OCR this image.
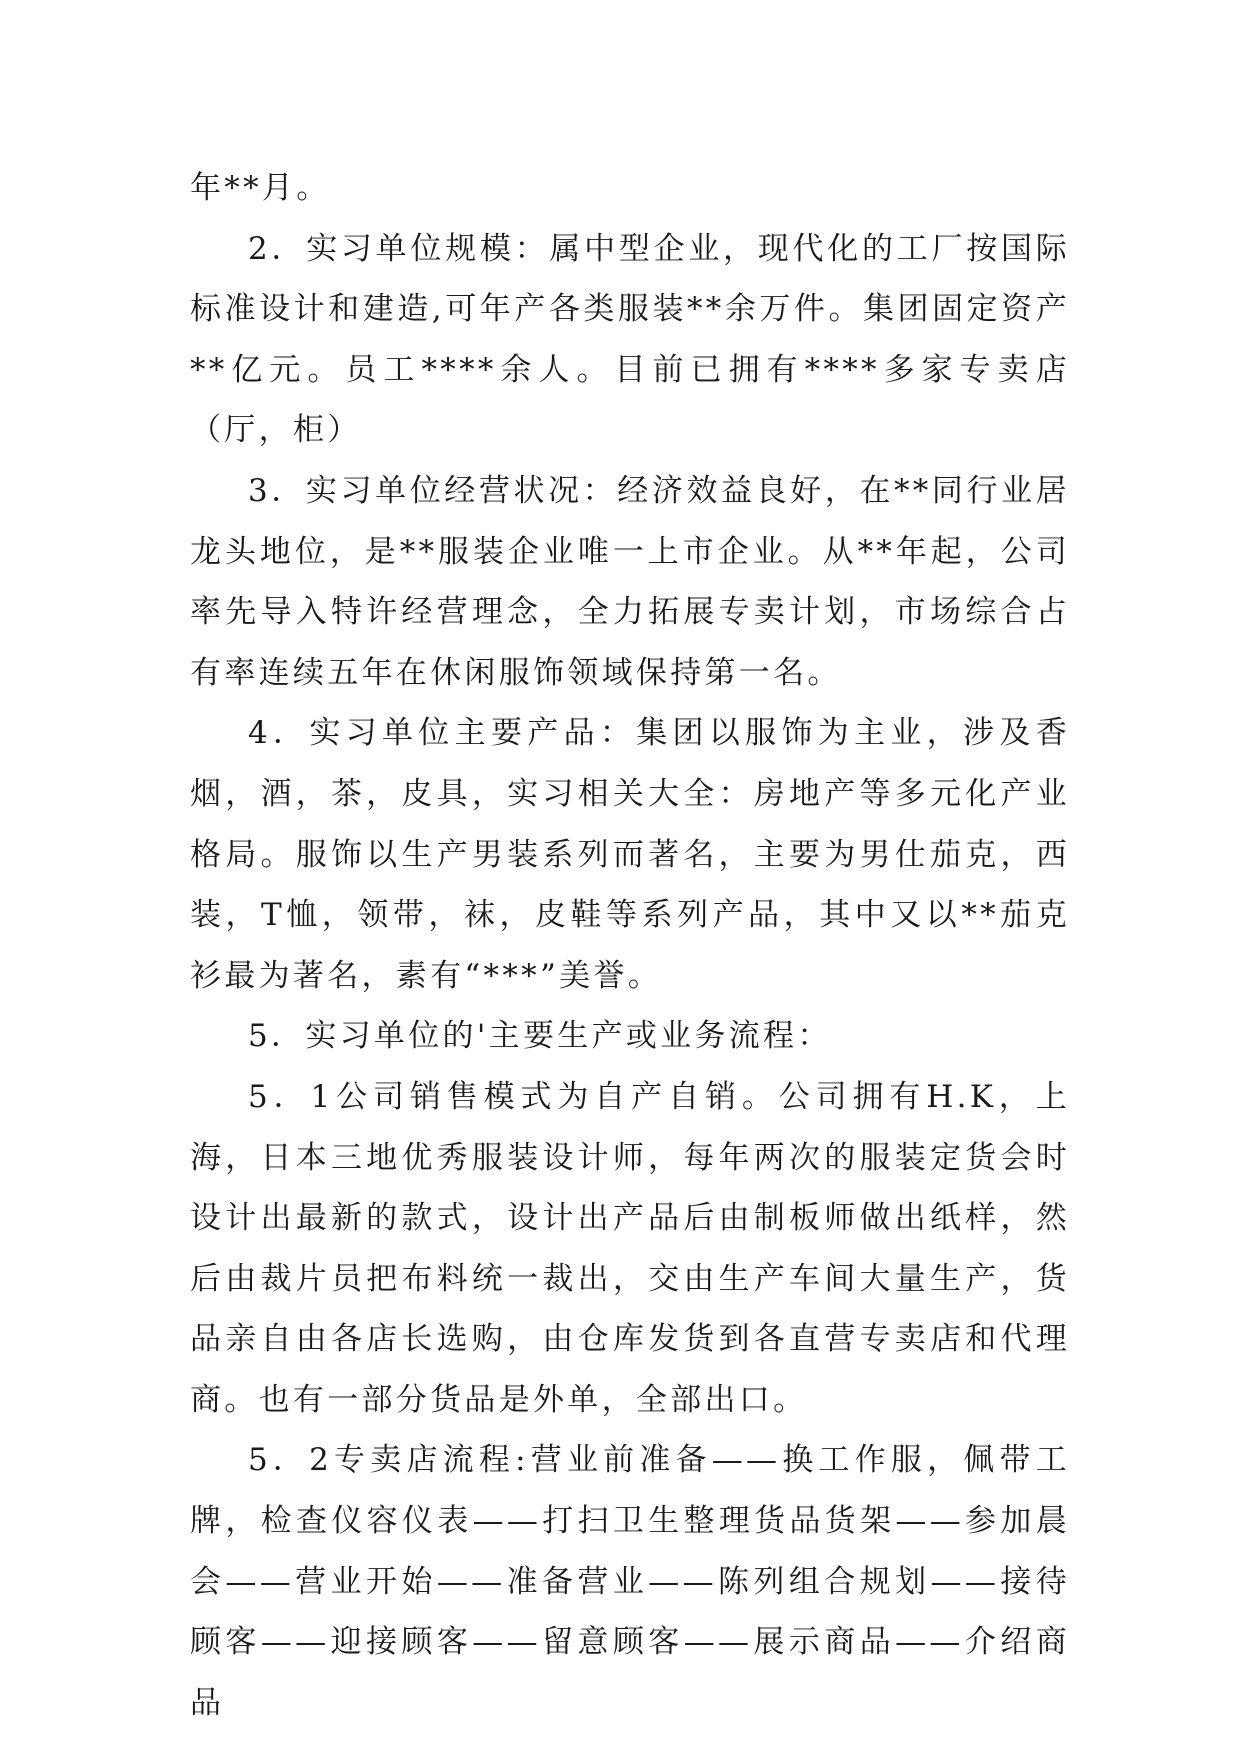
年**月。

2．实习单位规模：属中型企业，现代化的工厂按国际标准设计和建造,可年产各类服装**余万件。集团固定资产**亿元。员工****余人。目前已拥有****多家专卖店（厅，柜）

3．实习单位经营状况：经济效益良好，在**同行业居龙头地位，是**服装企业唯一上市企业。从**年起，公司率先导入特许经营理念，全力拓展专卖计划，市场综合占有率连续五年在休闲服饰领域保持第一名。

4．实习单位主要产品：集团以服饰为主业，涉及香烟，酒，茶，皮具，实习相关大全：房地产等多元化产业格局。服饰以生产男装系列而著名，主要为男仕茄克，西装，T恤，领带，袜，皮鞋等系列产品，其中又以**茄克衫最为著名，素有“***”美誉。

5．实习单位的'主要生产或业务流程：

5．1公司销售模式为自产自销。公司拥有H.K，上海，日本三地优秀服装设计师，每年两次的服装定货会时设计出最新的款式，设计出产品后由制板师做出纸样，然后由裁片员把布料统一裁出，交由生产车间大量生产，货品亲自由各店长选购，由仓库发货到各直营专卖店和代理商。也有一部分货品是外单，全部出口。

5．2专卖店流程:营业前准备——换工作服，佩带工牌，检查仪容仪表——打扫卫生整理货品货架——参加晨会——营业开始——准备营业——陈列组合规划——接待顾客——迎接顾客——留意顾客——展示商品——介绍商品
